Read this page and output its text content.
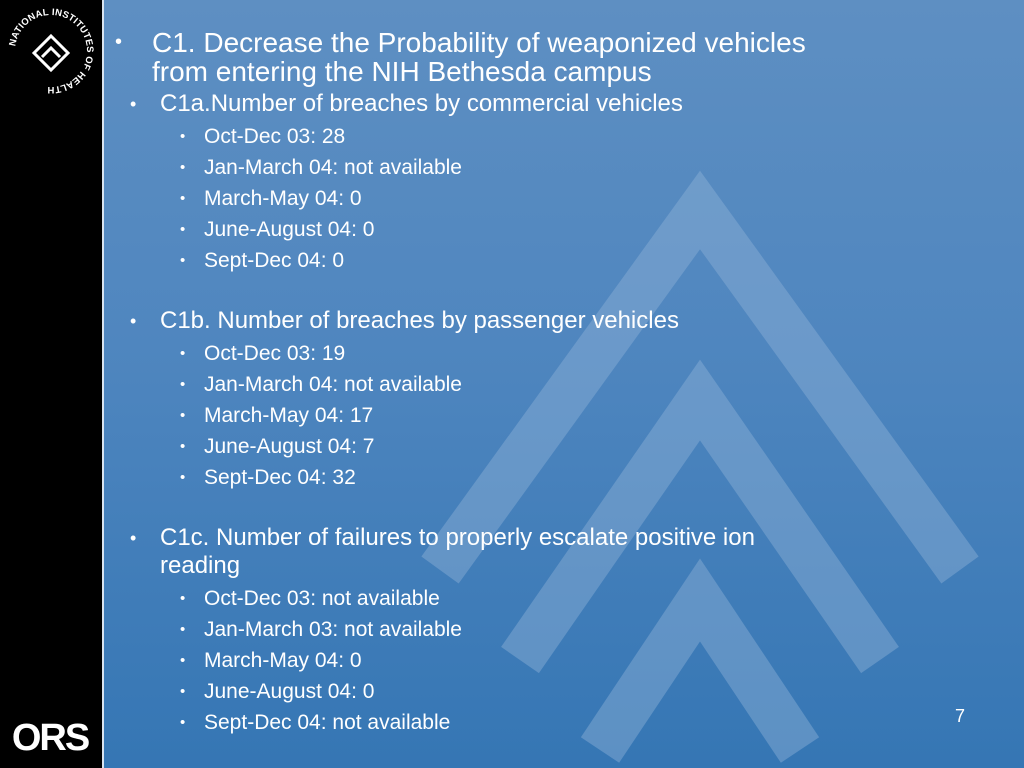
NATIONAL INSTITUTES OF HEALTH
ORS
• C1. Decrease the Probability of weaponized vehicles
from entering the NIH Bethesda campus
• C1a.Number of breaches by commercial vehicles
• Oct-Dec 03: 28
• Jan-March 04: not available
• March-May 04: 0
• June-August 04: 0
• Sept-Dec 04: 0
• C1b. Number of breaches by passenger vehicles
• Oct-Dec 03: 19
• Jan-March 04: not available
• March-May 04: 17
• June-August 04: 7
• Sept-Dec 04: 32
• C1c. Number of failures to properly escalate positive ion
reading
• Oct-Dec 03: not available
• Jan-March 03: not available
• March-May 04: 0
• June-August 04: 0
• Sept-Dec 04: not available	7
